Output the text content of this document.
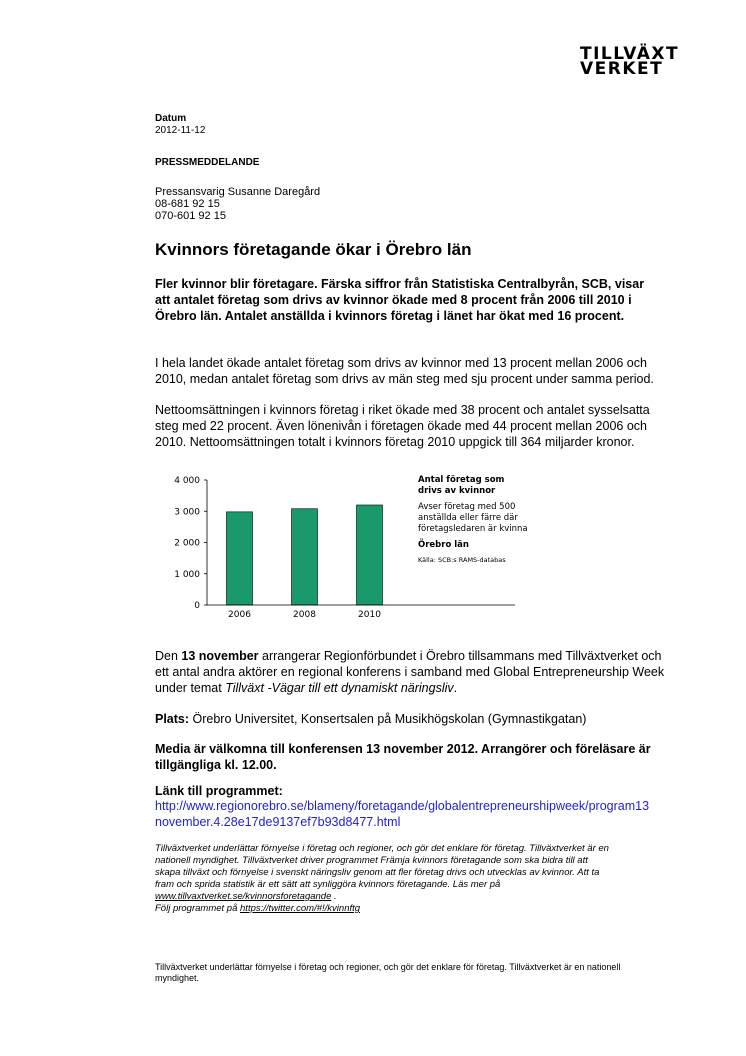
TILLVÄXT
VERKET
Datum
2012-11-12
PRESSMEDDELANDE
Pressansvarig Susanne Daregård
08-681 92 15
070-601 92 15
Kvinnors företagande ökar i Örebro län
Fler kvinnor blir företagare. Färska siffror från Statistiska Centralbyrån, SCB, visar att antalet företag som drivs av kvinnor ökade med 8 procent från 2006 till 2010 i Örebro län. Antalet anställda i kvinnors företag i länet har ökat med 16 procent.
I hela landet ökade antalet företag som drivs av kvinnor med 13 procent mellan 2006 och 2010, medan antalet företag som drivs av män steg med sju procent under samma period.
Nettoomsättningen i kvinnors företag i riket ökade med 38 procent och antalet sysselsatta steg med 22 procent. Även lönenivån i företagen ökade med 44 procent mellan 2006 och 2010. Nettoomsättningen totalt i kvinnors företag 2010 uppgick till 364 miljarder kronor.
0
1 000
2 000
3 000
4 000
2006	2008	2010
Antal företag som drivs av kvinnor
Avser företag med 500 anställda eller färre där företagsledaren är kvinna
Örebro län
Källa: SCB:s RAMS-databas
Den 13 november arrangerar Regionförbundet i Örebro tillsammans med Tillväxtverket och ett antal andra aktörer en regional konferens i samband med Global Entrepreneurship Week under temat Tillväxt -Vägar till ett dynamiskt näringsliv.
Plats: Örebro Universitet, Konsertsalen på Musikhögskolan (Gymnastikgatan)
Media är välkomna till konferensen 13 november 2012. Arrangörer och föreläsare är tillgängliga kl. 12.00.
Länk till programmet:
http://www.regionorebro.se/blameny/foretagande/globalentrepreneurshipweek/program13
november.4.28e17de9137ef7b93d8477.html
Tillväxtverket underlättar förnyelse i företag och regioner, och gör det enklare för företag. Tillväxtverket är en nationell myndighet. Tillväxtverket driver programmet Främja kvinnors företagande som ska bidra till att skapa tillväxt och förnyelse i svenskt näringsliv genom att fler företag drivs och utvecklas av kvinnor. Att ta fram och sprida statistik är ett sätt att synliggöra kvinnors företagande. Läs mer på www.tillvaxtverket.se/kvinnorsforetagande .
Följ programmet på https://twitter.com/#!/kvinnftg
Tillväxtverket underlättar förnyelse i företag och regioner, och gör det enklare för företag. Tillväxtverket är en nationell myndighet.
